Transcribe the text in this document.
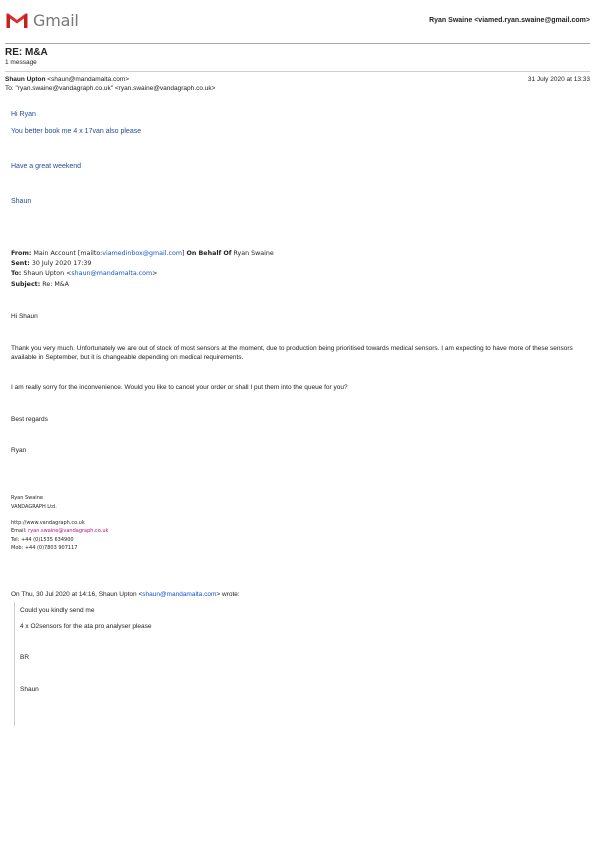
Gmail	Ryan Swaine <viamed.ryan.swaine@gmail.com>
RE: M&A
1 message
Shaun Upton <shaun@mandamalta.com>	31 July 2020 at 13:33
To: "ryan.swaine@vandagraph.co.uk" <ryan.swaine@vandagraph.co.uk>
Hi Ryan
You better book me 4 x 17van also please
Have a great weekend
Shaun
From: Main Account [mailto:viamedinbox@gmail.com] On Behalf Of Ryan Swaine
Sent: 30 July 2020 17:39
To: Shaun Upton <shaun@mandamalta.com>
Subject: Re: M&A
Hi Shaun
Thank you very much. Unfortunately we are out of stock of most sensors at the moment, due to production being prioritised towards medical sensors. I am expecting to have more of these sensors available in September, but it is changeable depending on medical requirements.
I am really sorry for the inconvenience. Would you like to cancel your order or shall I put them into the queue for you?
Best regards
Ryan
Ryan Swaine
VANDAGRAPH Ltd.
http://www.vandagraph.co.uk
Email: ryan.swaine@vandagraph.co.uk
Tel: +44 (0)1535 634900
Mob: +44 (0)7803 907117
On Thu, 30 Jul 2020 at 14:16, Shaun Upton <shaun@mandamalta.com> wrote:
Could you kindly send me
4 x O2sensors for the ata pro analyser please
BR
Shaun
